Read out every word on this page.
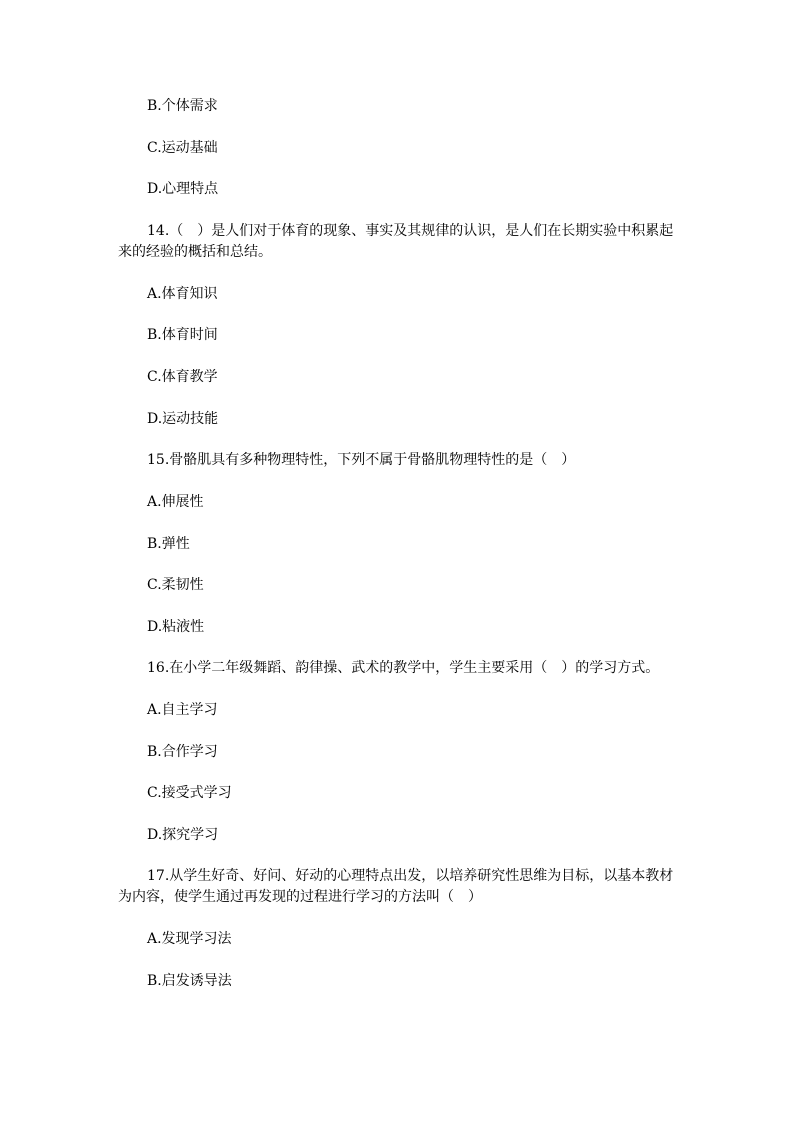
B.个体需求
C.运动基础
D.心理特点
14.（　）是人们对于体育的现象、事实及其规律的认识，是人们在长期实验中积累起
来的经验的概括和总结。
A.体育知识
B.体育时间
C.体育教学
D.运动技能
15.骨骼肌具有多种物理特性，下列不属于骨骼肌物理特性的是（　）
A.伸展性
B.弹性
C.柔韧性
D.粘液性
16.在小学二年级舞蹈、韵律操、武术的教学中，学生主要采用（　）的学习方式。
A.自主学习
B.合作学习
C.接受式学习
D.探究学习
17.从学生好奇、好问、好动的心理特点出发，以培养研究性思维为目标，以基本教材
为内容，使学生通过再发现的过程进行学习的方法叫（　）
A.发现学习法
B.启发诱导法
